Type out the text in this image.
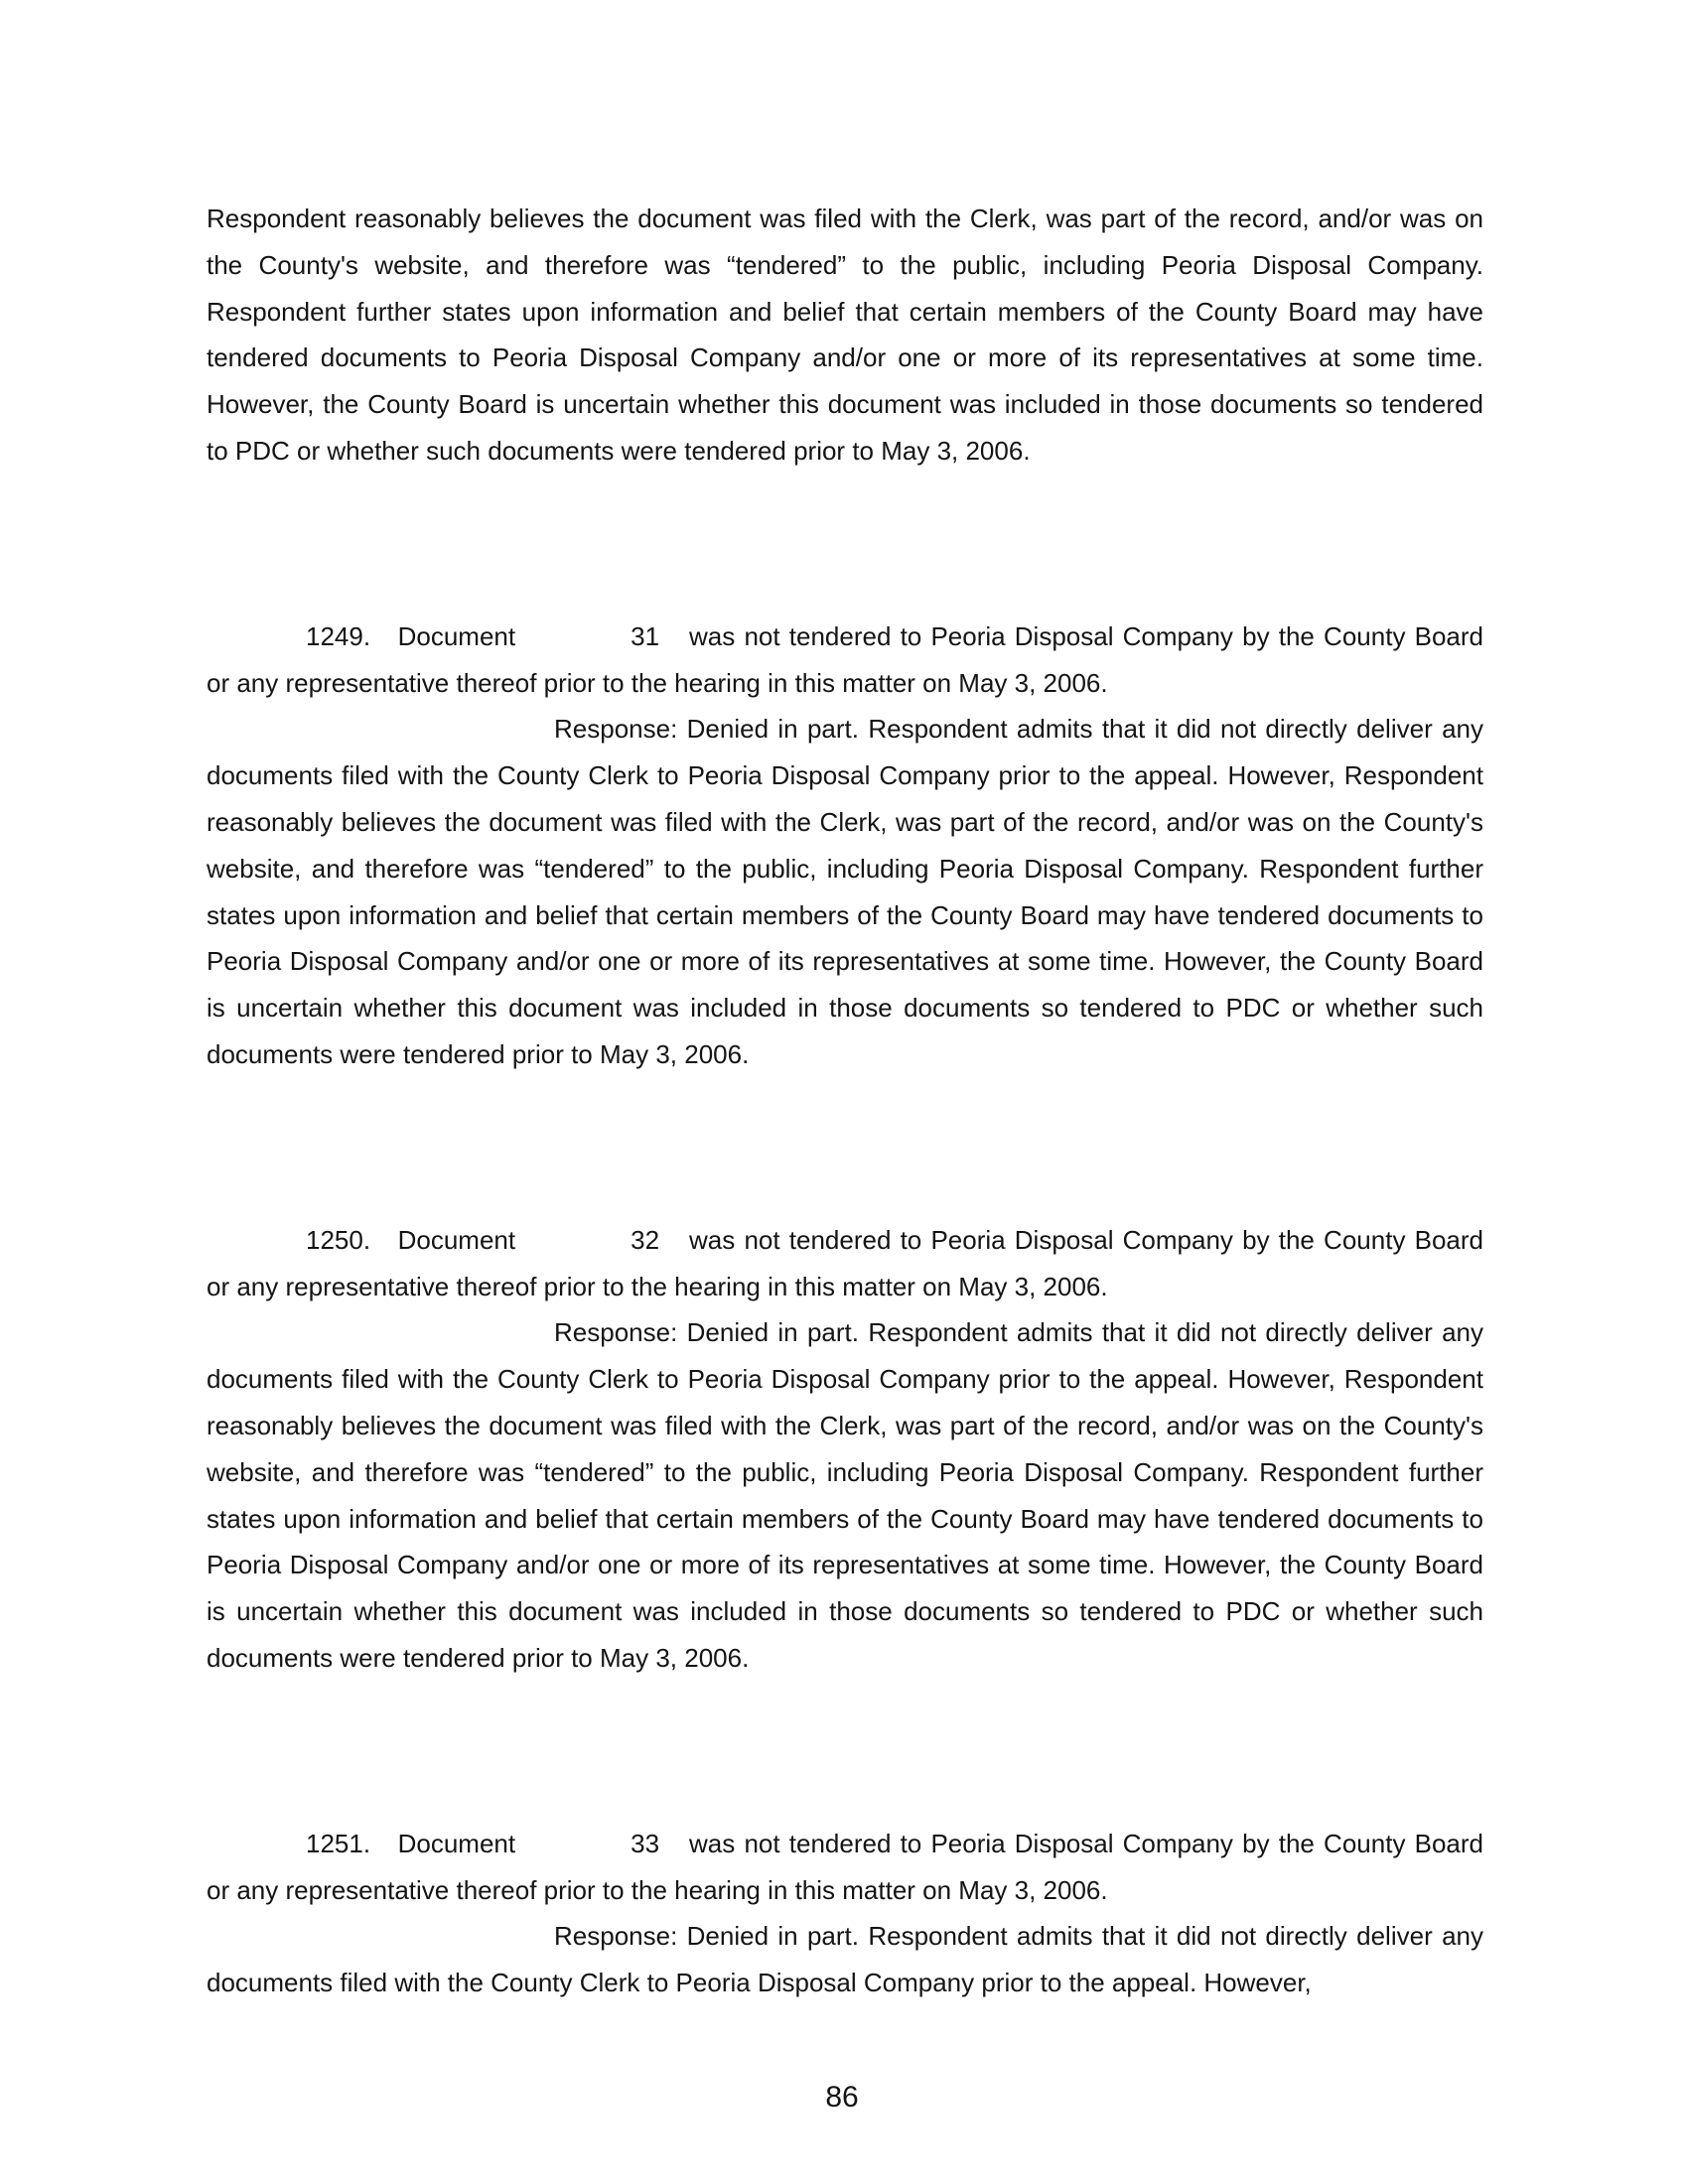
Respondent reasonably believes the document was filed with the Clerk, was part of the record, and/or was on the County's website, and therefore was “tendered” to the public, including Peoria Disposal Company. Respondent further states upon information and belief that certain members of the County Board may have tendered documents to Peoria Disposal Company and/or one or more of its representatives at some time. However, the County Board is uncertain whether this document was included in those documents so tendered to PDC or whether such documents were tendered prior to May 3, 2006.

1249. Document	31 was not tendered to Peoria Disposal Company by the County Board or any representative thereof prior to the hearing in this matter on May 3, 2006.

Response: Denied in part. Respondent admits that it did not directly deliver any documents filed with the County Clerk to Peoria Disposal Company prior to the appeal. However, Respondent reasonably believes the document was filed with the Clerk, was part of the record, and/or was on the County's website, and therefore was “tendered” to the public, including Peoria Disposal Company. Respondent further states upon information and belief that certain members of the County Board may have tendered documents to Peoria Disposal Company and/or one or more of its representatives at some time. However, the County Board is uncertain whether this document was included in those documents so tendered to PDC or whether such documents were tendered prior to May 3, 2006.

1250. Document	32 was not tendered to Peoria Disposal Company by the County Board or any representative thereof prior to the hearing in this matter on May 3, 2006.

Response: Denied in part. Respondent admits that it did not directly deliver any documents filed with the County Clerk to Peoria Disposal Company prior to the appeal. However, Respondent reasonably believes the document was filed with the Clerk, was part of the record, and/or was on the County's website, and therefore was “tendered” to the public, including Peoria Disposal Company. Respondent further states upon information and belief that certain members of the County Board may have tendered documents to Peoria Disposal Company and/or one or more of its representatives at some time. However, the County Board is uncertain whether this document was included in those documents so tendered to PDC or whether such documents were tendered prior to May 3, 2006.

1251. Document	33 was not tendered to Peoria Disposal Company by the County Board or any representative thereof prior to the hearing in this matter on May 3, 2006.

Response: Denied in part. Respondent admits that it did not directly deliver any documents filed with the County Clerk to Peoria Disposal Company prior to the appeal. However,

86
